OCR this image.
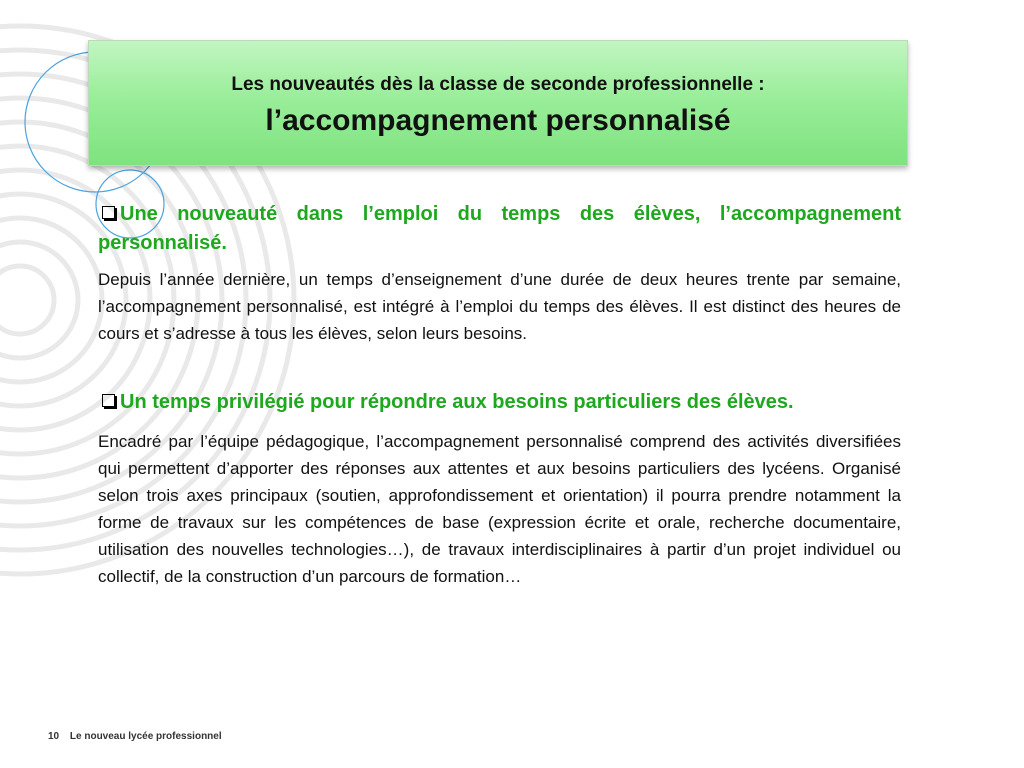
Les nouveautés dès la classe de seconde professionnelle :
l’accompagnement personnalisé
Une nouveauté dans l’emploi du temps des élèves, l’accompagnement personnalisé.
Depuis l’année dernière, un temps d’enseignement d’une durée de deux heures trente par semaine, l’accompagnement personnalisé, est intégré à l’emploi du temps des élèves. Il est distinct des heures de cours et s’adresse à tous les élèves, selon leurs besoins.
Un temps privilégié pour répondre aux besoins particuliers des élèves.
Encadré par l’équipe pédagogique, l’accompagnement personnalisé comprend des activités diversifiées qui permettent d’apporter des réponses aux attentes et aux besoins particuliers des lycéens. Organisé selon trois axes principaux (soutien, approfondissement et orientation) il pourra prendre notamment la forme de travaux sur les compétences de base (expression écrite et orale, recherche documentaire, utilisation des nouvelles technologies…), de travaux interdisciplinaires à partir d’un projet individuel ou collectif, de la construction d’un parcours de formation…
10 Le nouveau lycée professionnel
